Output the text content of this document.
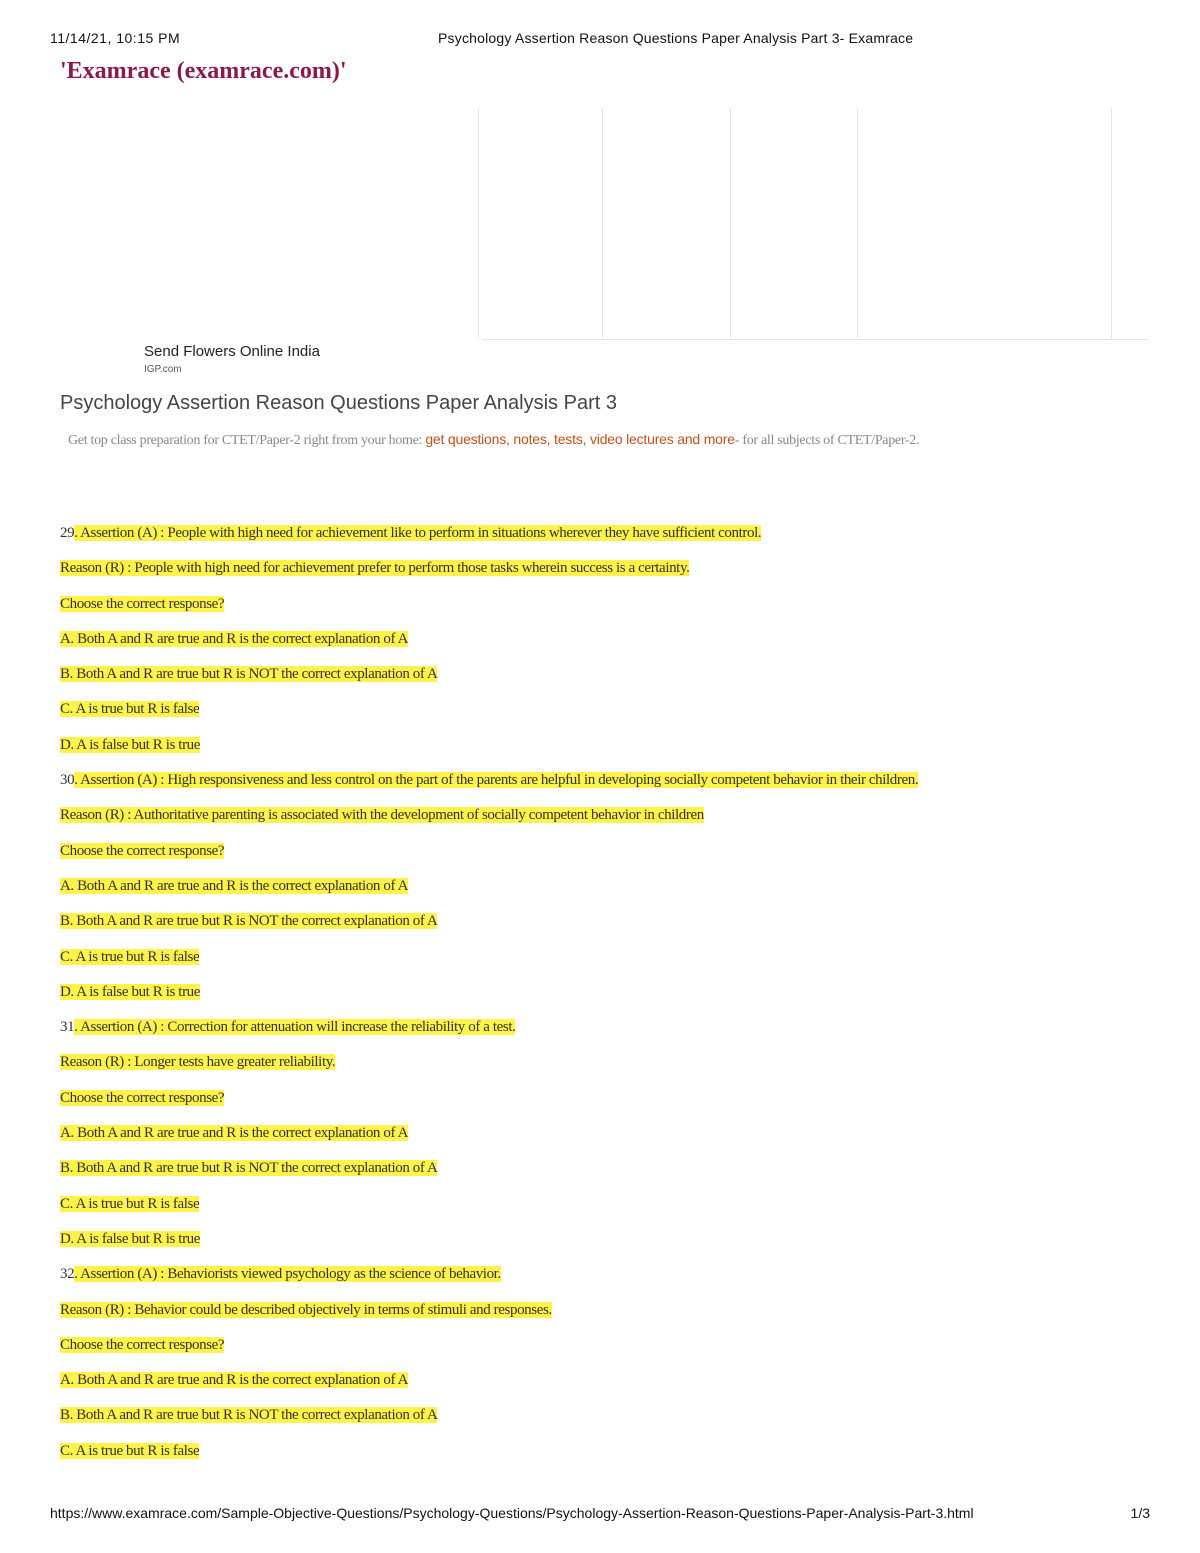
11/14/21, 10:15 PM	Psychology Assertion Reason Questions Paper Analysis Part 3- Examrace
'Examrace (examrace.com)'
Send Flowers Online India
IGP.com
Psychology Assertion Reason Questions Paper Analysis Part 3
Get top class preparation for CTET/Paper-2 right from your home: get questions, notes, tests, video lectures and more- for all subjects of CTET/Paper-2.
29. Assertion (A) : People with high need for achievement like to perform in situations wherever they have sufficient control.
Reason (R) : People with high need for achievement prefer to perform those tasks wherein success is a certainty.
Choose the correct response?
A. Both A and R are true and R is the correct explanation of A
B. Both A and R are true but R is NOT the correct explanation of A
C. A is true but R is false
D. A is false but R is true
30. Assertion (A) : High responsiveness and less control on the part of the parents are helpful in developing socially competent behavior in their children.
Reason (R) : Authoritative parenting is associated with the development of socially competent behavior in children
Choose the correct response?
A. Both A and R are true and R is the correct explanation of A
B. Both A and R are true but R is NOT the correct explanation of A
C. A is true but R is false
D. A is false but R is true
31. Assertion (A) : Correction for attenuation will increase the reliability of a test.
Reason (R) : Longer tests have greater reliability.
Choose the correct response?
A. Both A and R are true and R is the correct explanation of A
B. Both A and R are true but R is NOT the correct explanation of A
C. A is true but R is false
D. A is false but R is true
32. Assertion (A) : Behaviorists viewed psychology as the science of behavior.
Reason (R) : Behavior could be described objectively in terms of stimuli and responses.
Choose the correct response?
A. Both A and R are true and R is the correct explanation of A
B. Both A and R are true but R is NOT the correct explanation of A
C. A is true but R is false
https://www.examrace.com/Sample-Objective-Questions/Psychology-Questions/Psychology-Assertion-Reason-Questions-Paper-Analysis-Part-3.html	1/3
